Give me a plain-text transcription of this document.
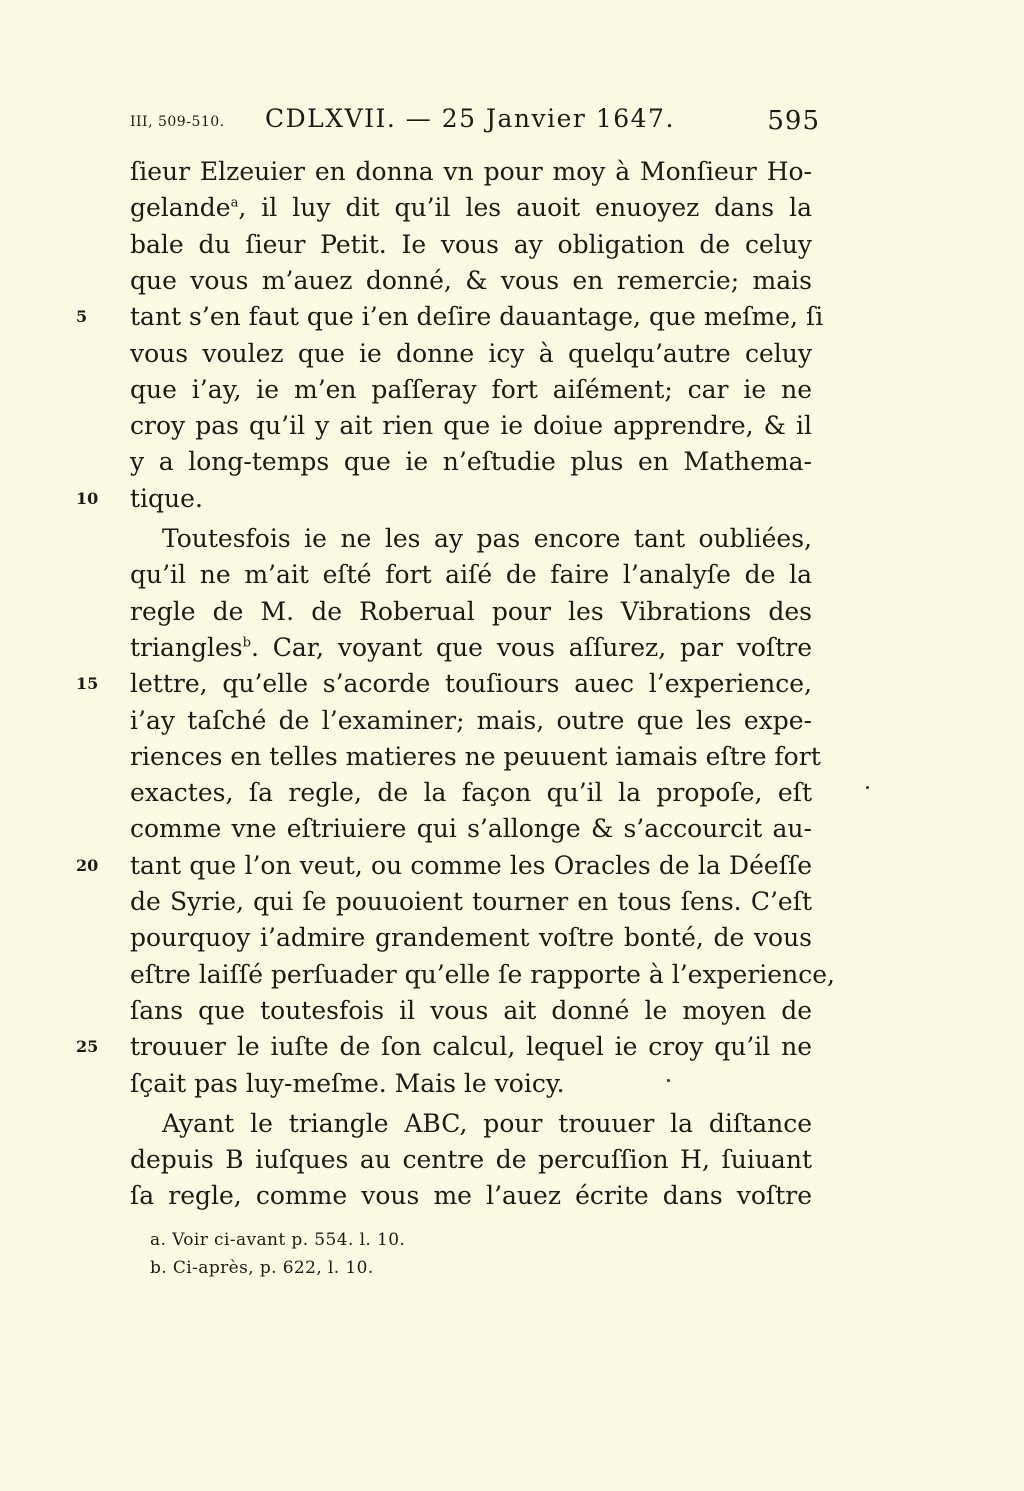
III, 509-510. CDLXVII. — 25 Janvier 1647.	595
ſieur Elzeuier en donna vn pour moy à Monſieur Ho-
gelande$^a$, il luy dit qu’il les auoit enuoyez dans la
bale du ſieur Petit. Ie vous ay obligation de celuy
que vous m’auez donné, & vous en remercie; mais
tant s’en faut que i’en deſire dauantage, que meſme, ſi
5
vous voulez que ie donne icy à quelqu’autre celuy
que i’ay, ie m’en paſſeray fort aiſément; car ie ne
croy pas qu’il y ait rien que ie doiue apprendre, & il
y a long-temps que ie n’eſtudie plus en Mathema-
tique.
10
Toutesfois ie ne les ay pas encore tant oubliées,
qu’il ne m’ait eſté fort aiſé de faire l’analyſe de la
regle de M. de Roberual pour les Vibrations des
triangles$^b$. Car, voyant que vous aſſurez, par voſtre
lettre, qu’elle s’acorde touſiours auec l’experience,
15
i’ay taſché de l’examiner; mais, outre que les expe-
riences en telles matieres ne peuuent iamais eſtre fort
exactes, ſa regle, de la façon qu’il la propoſe, eſt
comme vne eſtriuiere qui s’allonge & s’accourcit au-
tant que l’on veut, ou comme les Oracles de la Déeſſe
20
de Syrie, qui ſe pouuoient tourner en tous ſens. C’eſt
pourquoy i’admire grandement voſtre bonté, de vous
eſtre laiſſé perſuader qu’elle ſe rapporte à l’experience,
ſans que toutesfois il vous ait donné le moyen de
trouuer le iuſte de ſon calcul, lequel ie croy qu’il ne
25
ſçait pas luy-meſme. Mais le voicy.
Ayant le triangle ABC, pour trouuer la diſtance
depuis B iuſques au centre de percuſſion H, ſuiuant
ſa regle, comme vous me l’auez écrite dans voſtre
a. Voir ci-avant p. 554. l. 10.
b. Ci-après, p. 622, l. 10.
